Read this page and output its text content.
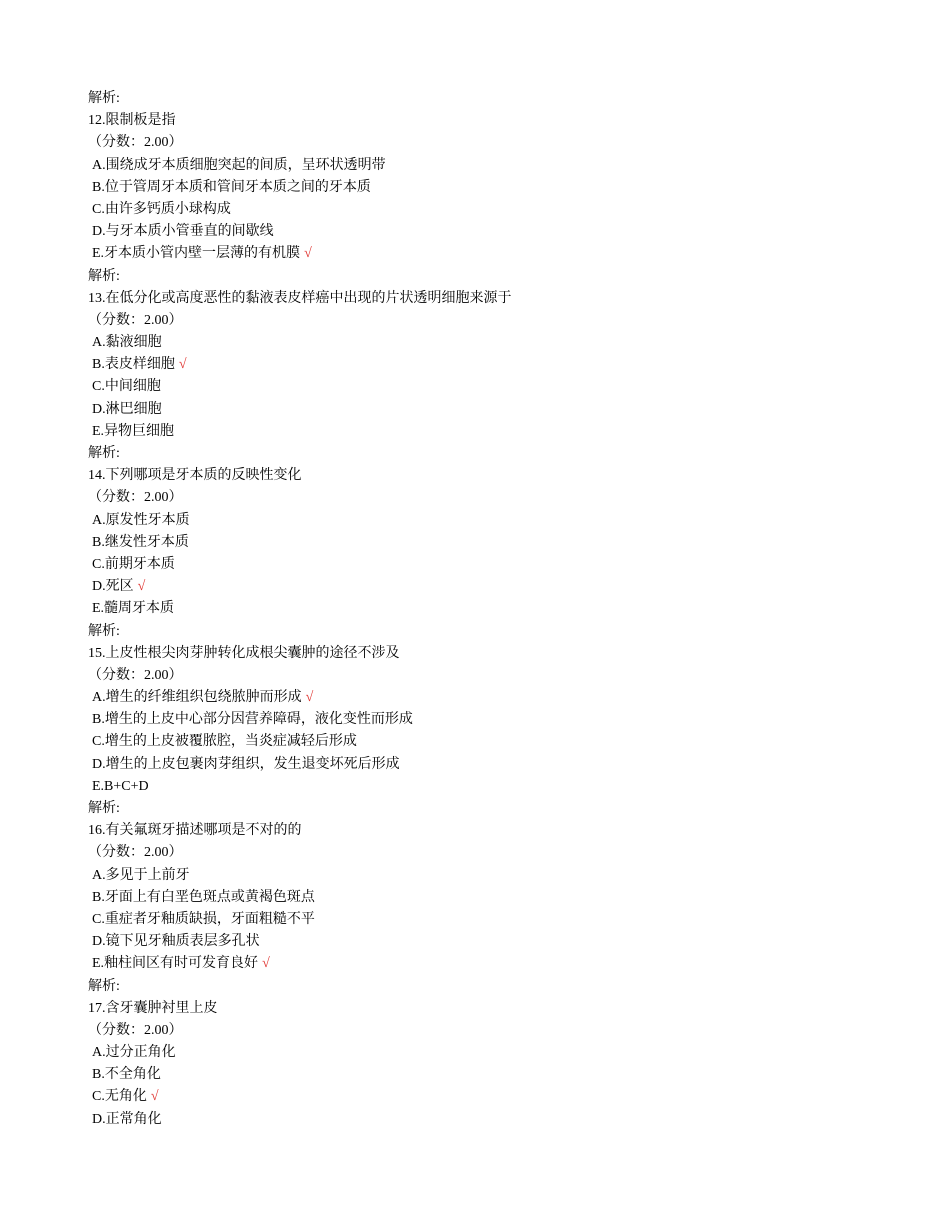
解析:
12.限制板是指
（分数：2.00）
A.围绕成牙本质细胞突起的间质，呈环状透明带
B.位于管周牙本质和管间牙本质之间的牙本质
C.由许多钙质小球构成
D.与牙本质小管垂直的间歇线
E.牙本质小管内壁一层薄的有机膜 √
解析:
13.在低分化或高度恶性的黏液表皮样癌中出现的片状透明细胞来源于
（分数：2.00）
A.黏液细胞
B.表皮样细胞 √
C.中间细胞
D.淋巴细胞
E.异物巨细胞
解析:
14.下列哪项是牙本质的反映性变化
（分数：2.00）
A.原发性牙本质
B.继发性牙本质
C.前期牙本质
D.死区 √
E.髓周牙本质
解析:
15.上皮性根尖肉芽肿转化成根尖囊肿的途径不涉及
（分数：2.00）
A.增生的纤维组织包绕脓肿而形成 √
B.增生的上皮中心部分因营养障碍，液化变性而形成
C.增生的上皮被覆脓腔，当炎症减轻后形成
D.增生的上皮包裹肉芽组织，发生退变坏死后形成
E.B+C+D
解析:
16.有关氟斑牙描述哪项是不对的的
（分数：2.00）
A.多见于上前牙
B.牙面上有白垩色斑点或黄褐色斑点
C.重症者牙釉质缺损，牙面粗糙不平
D.镜下见牙釉质表层多孔状
E.釉柱间区有时可发育良好 √
解析:
17.含牙囊肿衬里上皮
（分数：2.00）
A.过分正角化
B.不全角化
C.无角化 √
D.正常角化
